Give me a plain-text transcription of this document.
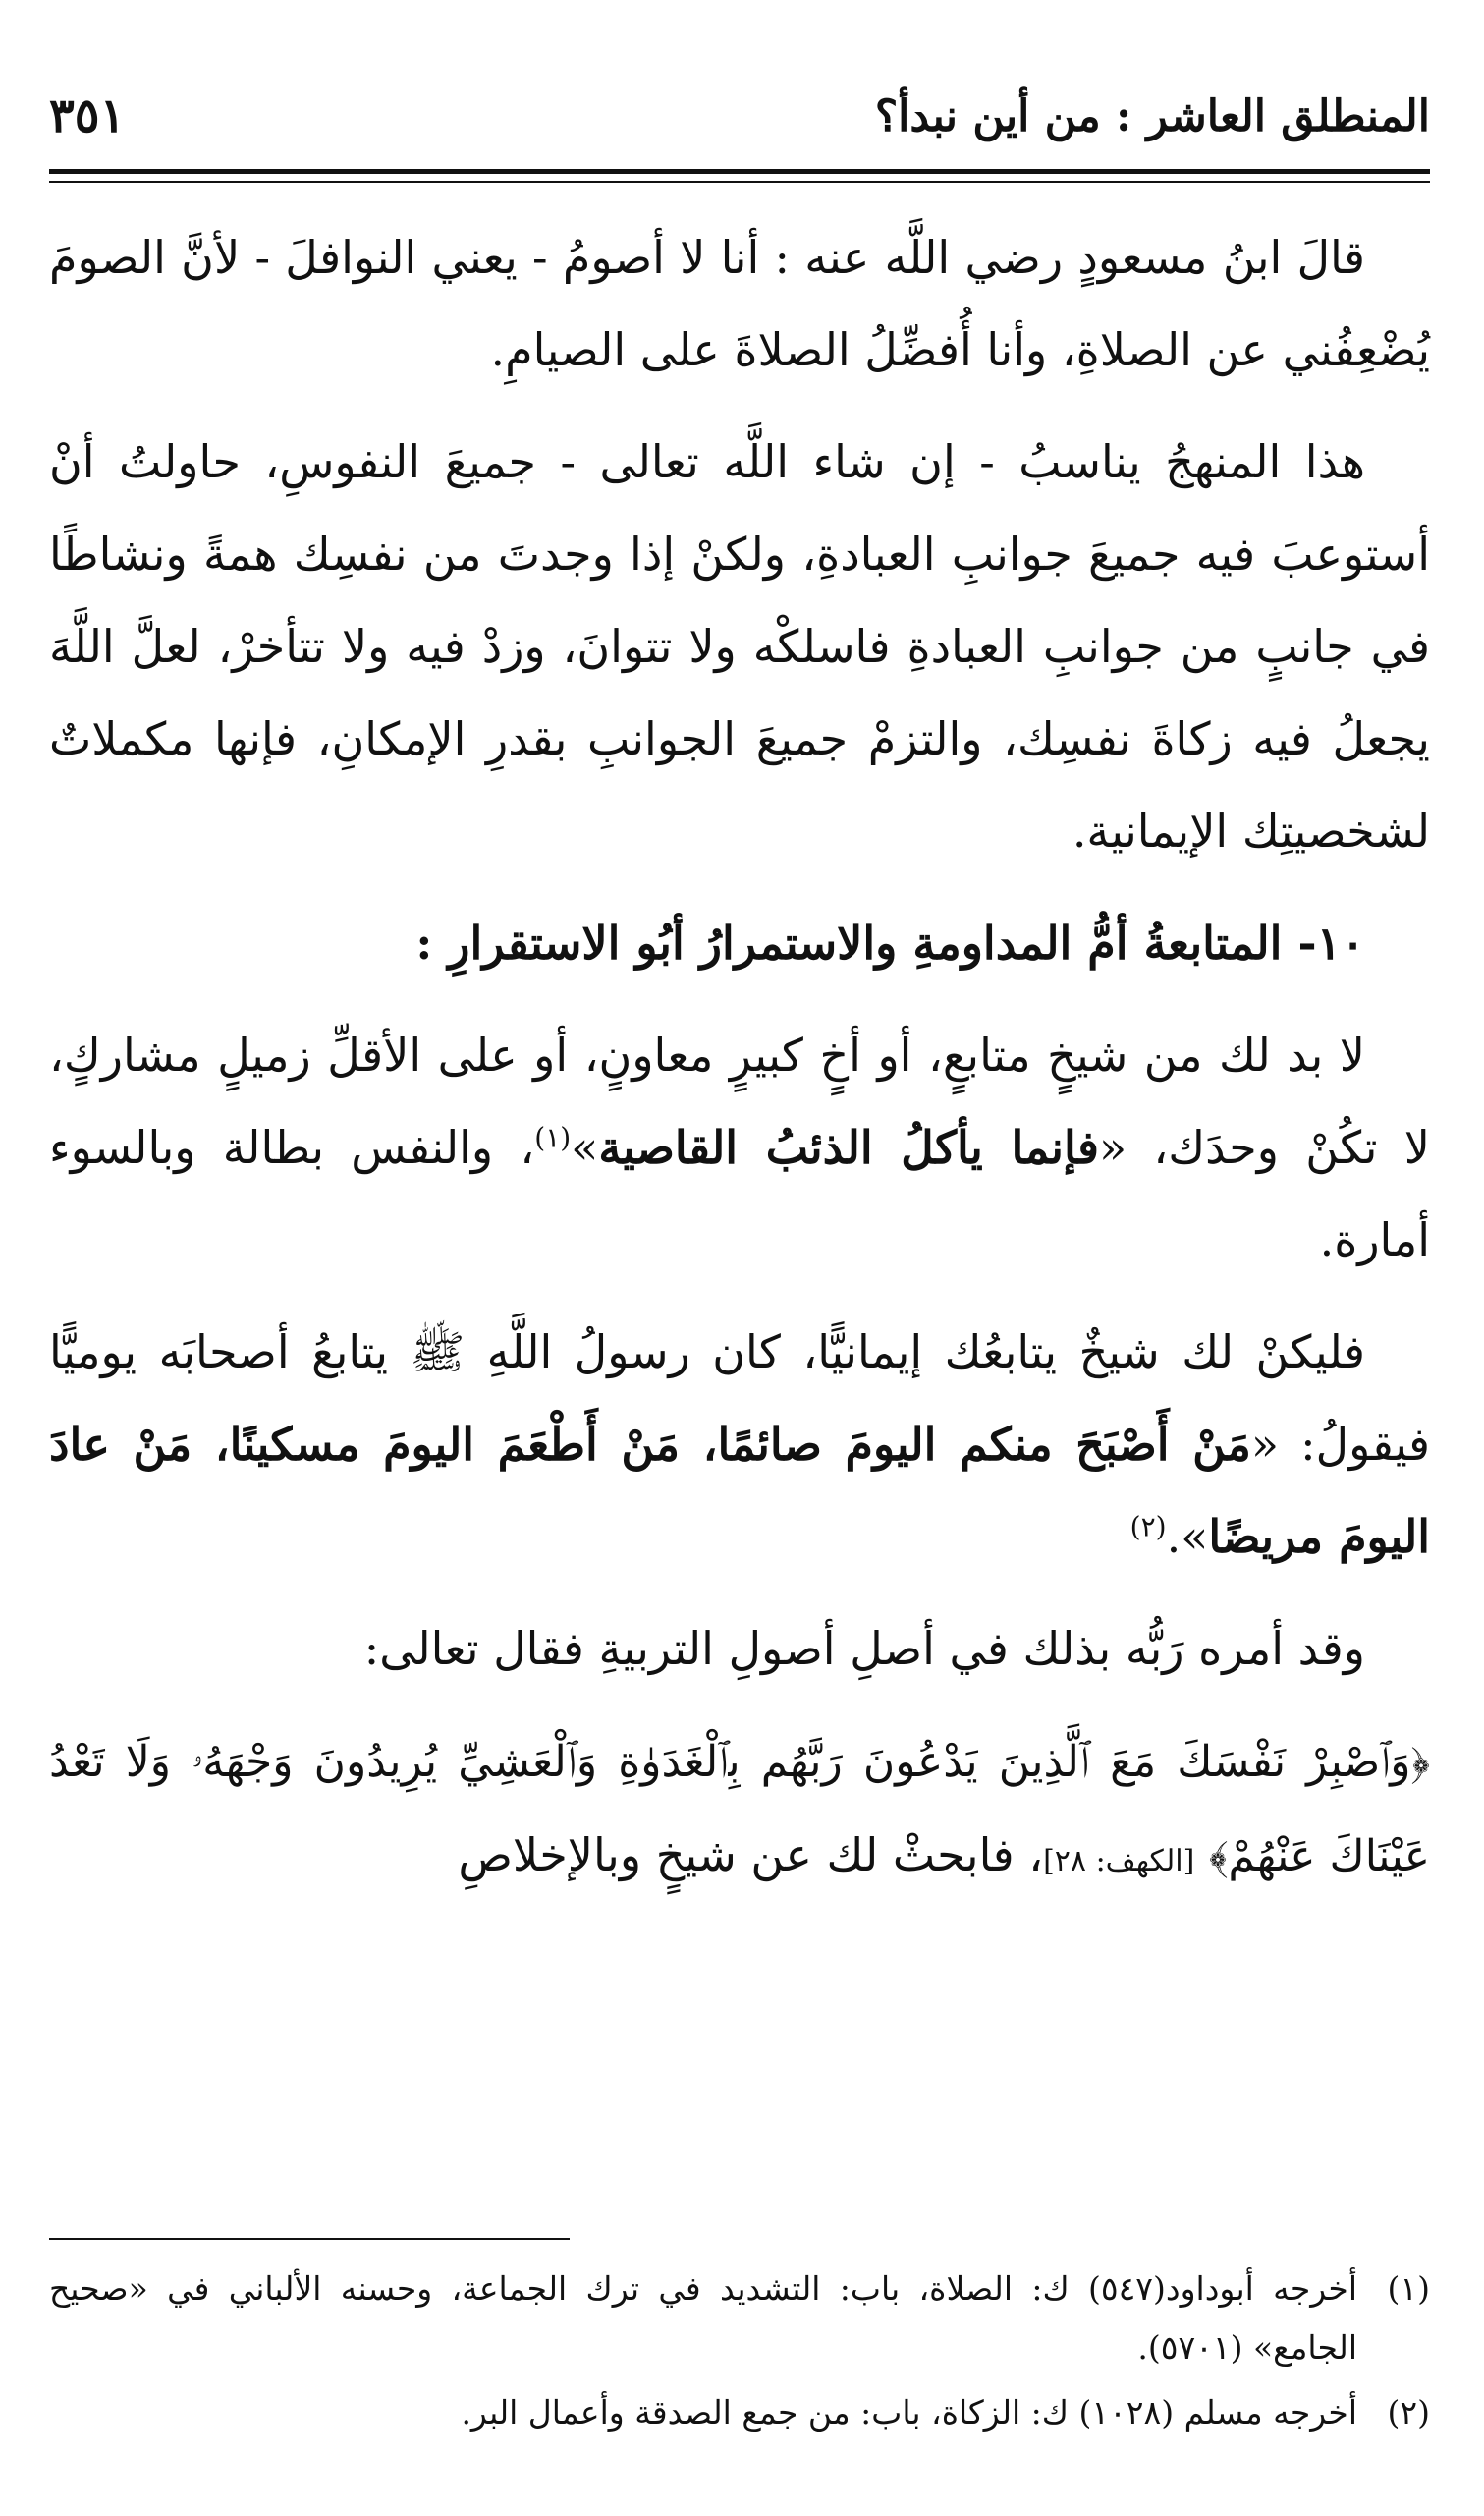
المنطلق العاشر : من أين نبدأ؟
٣٥١

قالَ ابنُ مسعودٍ رضي اللَّه عنه : أنا لا أصومُ - يعني النوافلَ - لأنَّ الصومَ يُضْعِفُني عن الصلاةِ، وأنا أُفضِّلُ الصلاةَ على الصيامِ.

هذا المنهجُ يناسبُ - إن شاء اللَّه تعالى - جميعَ النفوسِ، حاولتُ أنْ أستوعبَ فيه جميعَ جوانبِ العبادةِ، ولكنْ إذا وجدتَ من نفسِك همةً ونشاطًا في جانبٍ من جوانبِ العبادةِ فاسلكْه ولا تتوانَ، وزدْ فيه ولا تتأخرْ، لعلَّ اللَّهَ يجعلُ فيه زكاةَ نفسِك، والتزمْ جميعَ الجوانبِ بقدرِ الإمكانِ، فإنها مكملاتٌ لشخصيتِك الإيمانية.

١٠- المتابعةُ أمُّ المداومةِ والاستمرارُ أبُو الاستقرارِ :

لا بد لك من شيخٍ متابعٍ، أو أخٍ كبيرٍ معاونٍ، أو على الأقلِّ زميلٍ مشاركٍ، لا تكُنْ وحدَك، «فإنما يأكلُ الذئبُ القاصية»$^{(١)}$، والنفس بطالة وبالسوء أمارة.

فليكنْ لك شيخٌ يتابعُك إيمانيًّا، كان رسولُ اللَّهِ ﷺ يتابعُ أصحابَه يوميًّا فيقولُ: «مَنْ أَصْبَحَ منكم اليومَ صائمًا، مَنْ أَطْعَمَ اليومَ مسكينًا، مَنْ عادَ اليومَ مريضًا».$^{(٢)}$

وقد أمره رَبُّه بذلك في أصلِ أصولِ التربيةِ فقال تعالى:

﴿وَٱصْبِرْ نَفْسَكَ مَعَ ٱلَّذِينَ يَدْعُونَ رَبَّهُم بِٱلْغَدَوٰةِ وَٱلْعَشِيِّ يُرِيدُونَ وَجْهَهُۥ وَلَا تَعْدُ عَيْنَاكَ عَنْهُمْ﴾ [الكهف: ٢٨]، فابحثْ لك عن شيخٍ وبالإخلاصِ

(١)
أخرجه أبوداود(٥٤٧) ك: الصلاة، باب: التشديد في ترك الجماعة، وحسنه الألباني في «صحيح الجامع» (٥٧٠١).
(٢)
أخرجه مسلم (١٠٢٨) ك: الزكاة، باب: من جمع الصدقة وأعمال البر.
